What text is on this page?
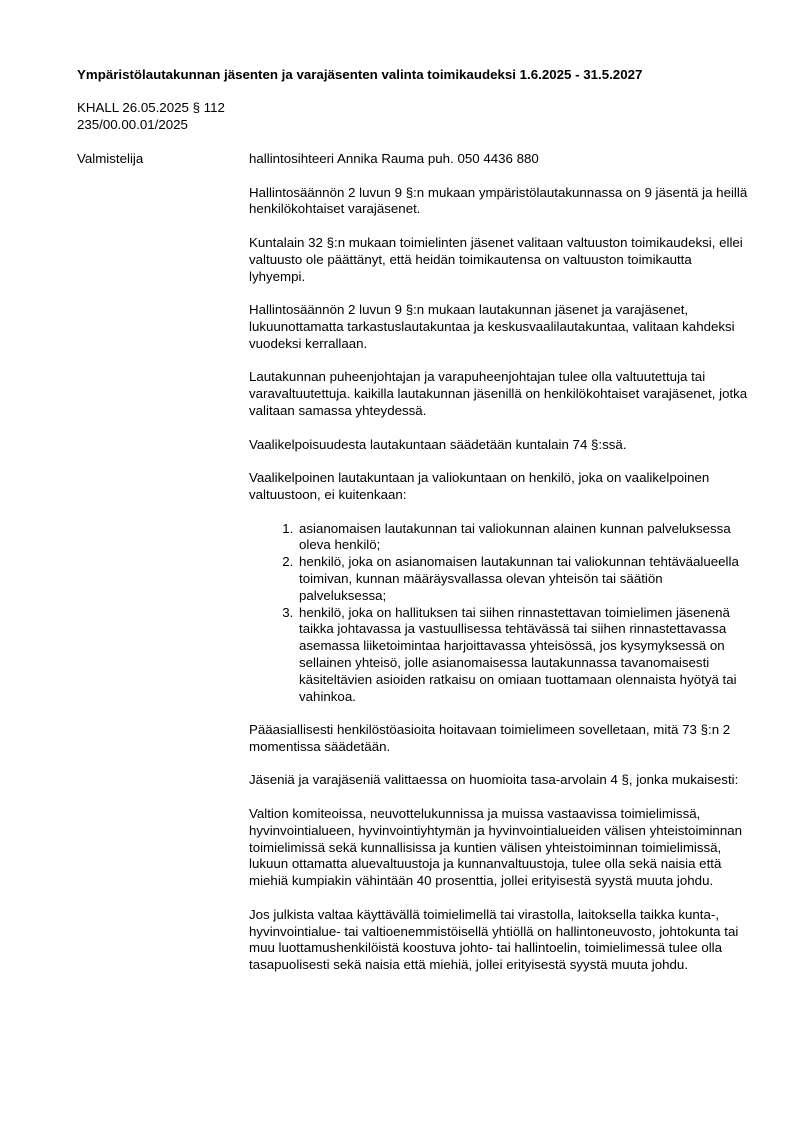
Ympäristölautakunnan jäsenten ja varajäsenten valinta toimikaudeksi 1.6.2025 - 31.5.2027
KHALL 26.05.2025 § 112
235/00.00.01/2025
Valmistelija	hallintosihteeri Annika Rauma puh. 050 4436 880

Hallintosäännön 2 luvun 9 §:n mukaan ympäristölautakunnassa on 9 jäsentä ja heillä henkilökohtaiset varajäsenet.

Kuntalain 32 §:n mukaan toimielinten jäsenet valitaan valtuuston toimikaudeksi, ellei valtuusto ole päättänyt, että heidän toimikautensa on valtuuston toimikautta lyhyempi.

Hallintosäännön 2 luvun 9 §:n mukaan lautakunnan jäsenet ja varajäsenet, lukuunottamatta tarkastuslautakuntaa ja keskusvaalilautakuntaa, valitaan kahdeksi vuodeksi kerrallaan.

Lautakunnan puheenjohtajan ja varapuheenjohtajan tulee olla valtuutettuja tai varavaltuutettuja. kaikilla lautakunnan jäsenillä on henkilökohtaiset varajäsenet, jotka valitaan samassa yhteydessä.

Vaalikelpoisuudesta lautakuntaan säädetään kuntalain 74 §:ssä.

Vaalikelpoinen lautakuntaan ja valiokuntaan on henkilö, joka on vaalikelpoinen valtuustoon, ei kuitenkaan:

1. asianomaisen lautakunnan tai valiokunnan alainen kunnan palveluksessa oleva henkilö;
2. henkilö, joka on asianomaisen lautakunnan tai valiokunnan tehtäväalueella toimivan, kunnan määräysvallassa olevan yhteisön tai säätiön palveluksessa;
3. henkilö, joka on hallituksen tai siihen rinnastettavan toimielimen jäsenenä taikka johtavassa ja vastuullisessa tehtävässä tai siihen rinnastettavassa asemassa liiketoimintaa harjoittavassa yhteisössä, jos kysymyksessä on sellainen yhteisö, jolle asianomaisessa lautakunnassa tavanomaisesti käsiteltävien asioiden ratkaisu on omiaan tuottamaan olennaista hyötyä tai vahinkoa.

Pääasiallisesti henkilöstöasioita hoitavaan toimielimeen sovelletaan, mitä 73 §:n 2 momentissa säädetään.

Jäseniä ja varajäseniä valittaessa on huomioita tasa-arvolain 4 §, jonka mukaisesti:

Valtion komiteoissa, neuvottelukunnissa ja muissa vastaavissa toimielimissä, hyvinvointialueen, hyvinvointiyhtymän ja hyvinvointialueiden välisen yhteistoiminnan toimielimissä sekä kunnallisissa ja kuntien välisen yhteistoiminnan toimielimissä, lukuun ottamatta aluevaltuustoja ja kunnanvaltuustoja, tulee olla sekä naisia että miehiä kumpiakin vähintään 40 prosenttia, jollei erityisestä syystä muuta johdu.

Jos julkista valtaa käyttävällä toimielimellä tai virastolla, laitoksella taikka kunta-, hyvinvointialue- tai valtioenemmistöisellä yhtiöllä on hallintoneuvosto, johtokunta tai muu luottamushenkilöistä koostuva johto- tai hallintoelin, toimielimessä tulee olla tasapuolisesti sekä naisia että miehiä, jollei erityisestä syystä muuta johdu.
